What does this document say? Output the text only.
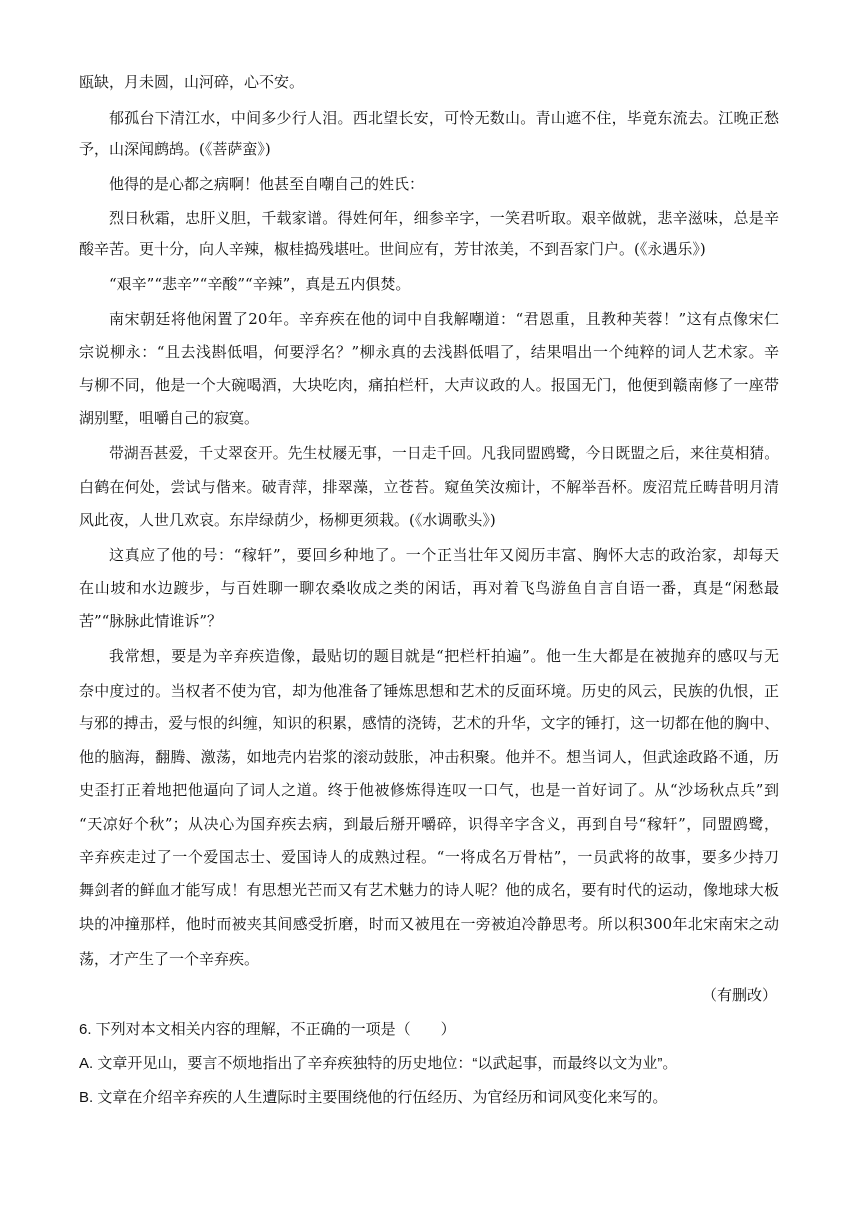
瓯缺，月未圆，山河碎，心不安。
郁孤台下清江水，中间多少行人泪。西北望长安，可怜无数山。青山遮不住，毕竟东流去。江晚正愁
予，山深闻鹧鸪。(《菩萨蛮》)
他得的是心都之病啊！他甚至自嘲自己的姓氏：
烈日秋霜，忠肝义胆，千载家谱。得姓何年，细参辛字，一笑君听取。艰辛做就，悲辛滋味，总是辛
酸辛苦。更十分，向人辛辣，椒桂捣残堪吐。世间应有，芳甘浓美，不到吾家门户。(《永遇乐》)
“艰辛”“悲辛”“辛酸”“辛辣”，真是五内俱焚。
南宋朝廷将他闲置了20年。辛弃疾在他的词中自我解嘲道：“君恩重，且教种芙蓉！”这有点像宋仁
宗说柳永：“且去浅斟低唱，何要浮名？”柳永真的去浅斟低唱了，结果唱出一个纯粹的词人艺术家。辛
与柳不同，他是一个大碗喝酒，大块吃肉，痛拍栏杆，大声议政的人。报国无门，他便到赣南修了一座带
湖别墅，咀嚼自己的寂寞。
带湖吾甚爱，千丈翠奁开。先生杖屦无事，一日走千回。凡我同盟鸥鹭，今日既盟之后，来往莫相猜。
白鹤在何处，尝试与偕来。破青萍，排翠藻，立苍苔。窥鱼笑汝痴计，不解举吾杯。废沼荒丘畴昔明月清
风此夜，人世几欢哀。东岸绿荫少，杨柳更须栽。(《水调歌头》)
这真应了他的号：“稼轩”，要回乡种地了。一个正当壮年又阅历丰富、胸怀大志的政治家，却每天
在山坡和水边踱步，与百姓聊一聊农桑收成之类的闲话，再对着飞鸟游鱼自言自语一番，真是“闲愁最
苦”“脉脉此情谁诉”？
我常想，要是为辛弃疾造像，最贴切的题目就是“把栏杆拍遍”。他一生大都是在被抛弃的感叹与无
奈中度过的。当权者不使为官，却为他准备了锤炼思想和艺术的反面环境。历史的风云，民族的仇恨，正
与邪的搏击，爱与恨的纠缠，知识的积累，感情的浇铸，艺术的升华，文字的锤打，这一切都在他的胸中、
他的脑海，翻腾、激荡，如地壳内岩浆的滚动鼓胀，冲击积聚。他并不。想当词人，但武途政路不通，历
史歪打正着地把他逼向了词人之道。终于他被修炼得连叹一口气，也是一首好词了。从“沙场秋点兵”到
“天凉好个秋”；从决心为国弃疾去病，到最后掰开嚼碎，识得辛字含义，再到自号“稼轩”，同盟鸥鹭，
辛弃疾走过了一个爱国志士、爱国诗人的成熟过程。“一将成名万骨枯”，一员武将的故事，要多少持刀
舞剑者的鲜血才能写成！有思想光芒而又有艺术魅力的诗人呢？他的成名，要有时代的运动，像地球大板
块的冲撞那样，他时而被夹其间感受折磨，时而又被甩在一旁被迫冷静思考。所以积300年北宋南宋之动
荡，才产生了一个辛弃疾。
（有删改）
6. 下列对本文相关内容的理解，不正确的一项是（　　）
A. 文章开见山，要言不烦地指出了辛弃疾独特的历史地位：“以武起事，而最终以文为业”。
B. 文章在介绍辛弃疾的人生遭际时主要围绕他的行伍经历、为官经历和词风变化来写的。
